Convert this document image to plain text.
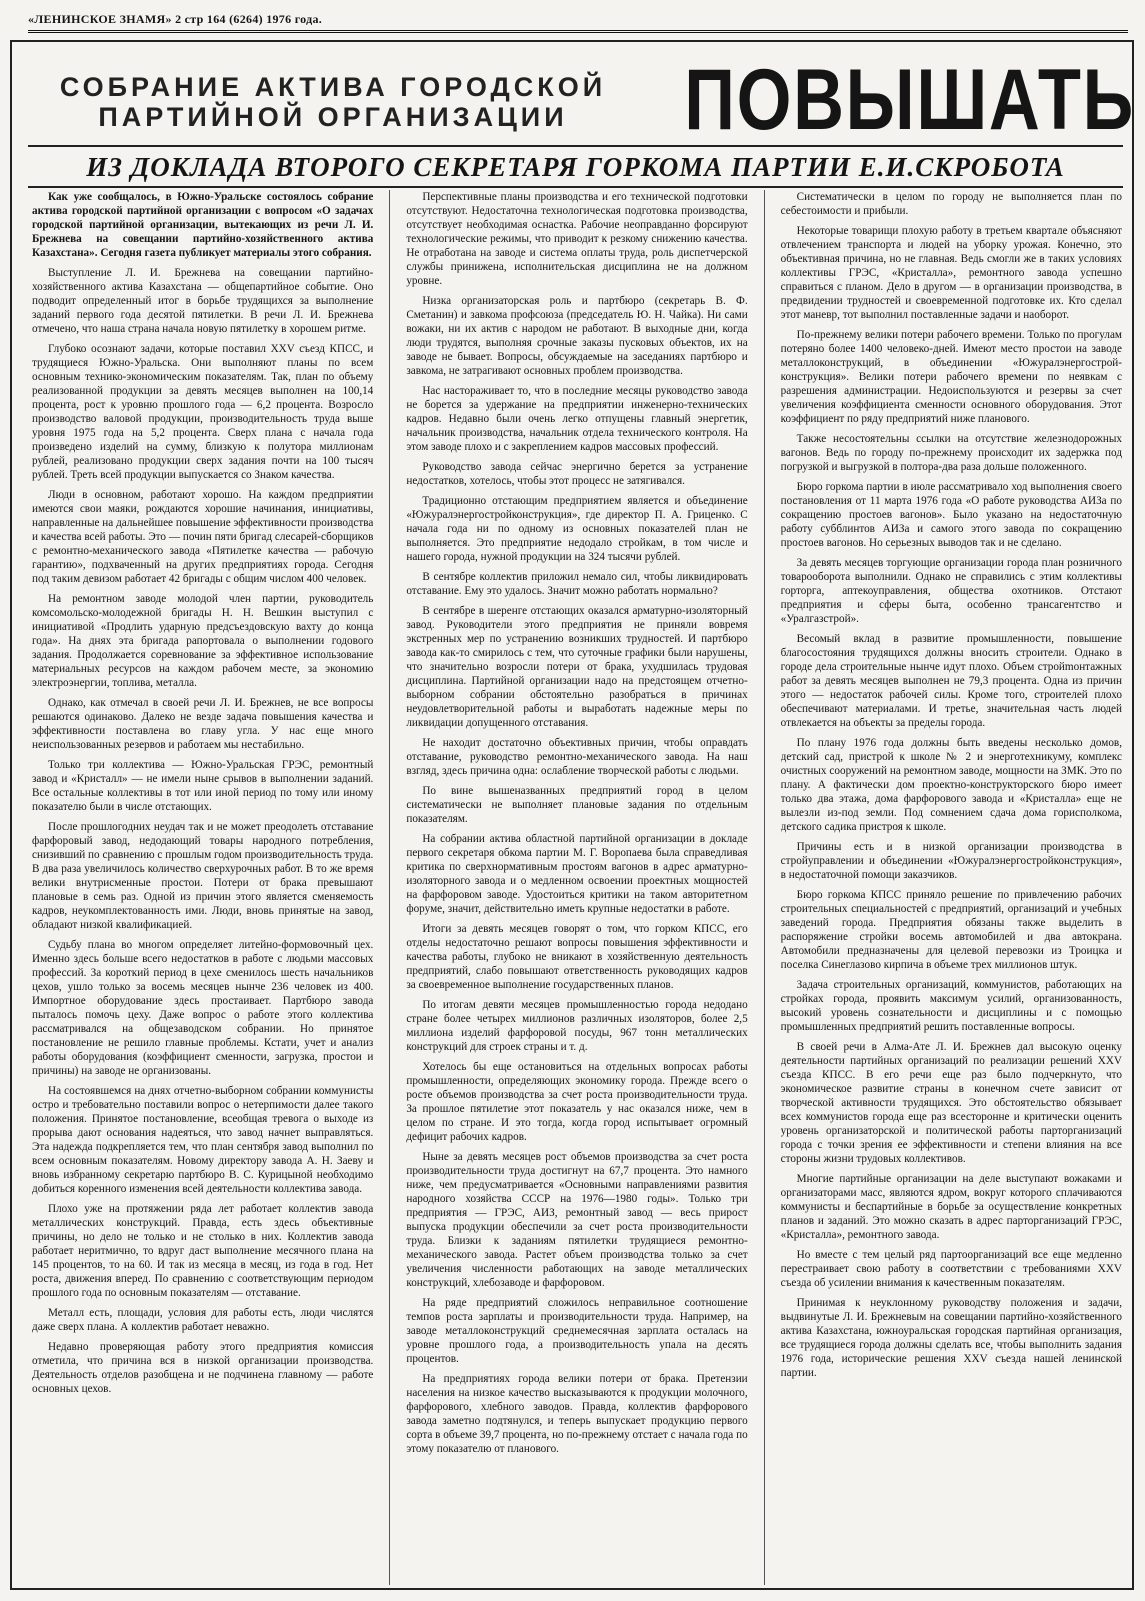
«ЛЕНИНСКОЕ ЗНАМЯ» 2 стр 164 (6264) 1976 года.
СОБРАНИЕ АКТИВА ГОРОДСКОЙ
ПАРТИЙНОЙ ОРГАНИЗАЦИИ	ПОВЫШАТЬ
ИЗ ДОКЛАДА ВТОРОГО СЕКРЕТАРЯ ГОРКОМА ПАРТИИ Е.И.СКРОБОТА

Как уже сообщалось, в Южно-Уральске состоялось собрание актива городской партийной организации с вопросом «О задачах городской партийной организации, вытекающих из речи Л. И. Брежнева на совещании партийно-хозяйственного актива Казахстана». Сегодня газета публикует материалы этого собрания.

Выступление Л. И. Брежнева на совещании партийно-хозяйственного актива Казахстана — общепартийное событие. Оно подводит определенный итог в борьбе трудящихся за выполнение заданий первого года десятой пятилетки. В речи Л. И. Брежнева отмечено, что наша страна начала новую пятилетку в хорошем ритме.

Глубоко осознают задачи, которые поставил XXV съезд КПСС, и трудящиеся Южно-Уральска. Они выполняют планы по всем основным технико-экономическим показателям. Так, план по объему реализованной продукции за девять месяцев выполнен на 100,14 процента, рост к уровню прошлого года — 6,2 процента. Возросло производство валовой продукции, производительность труда выше уровня 1975 года на 5,2 процента. Сверх плана с начала года произведено изделий на сумму, близкую к полутора миллионам рублей, реализовано продукции сверх задания почти на 100 тысяч рублей. Треть всей продукции выпускается со Знаком качества.

Люди в основном, работают хорошо. На каждом предприятии имеются свои маяки, рождаются хорошие начинания, инициативы, направленные на дальнейшее повышение эффективности производства и качества всей работы. Это — почин пяти бригад слесарей-сборщиков с ремонтно-механического завода «Пятилетке качества — рабочую гарантию», подхваченный на других предприятиях города. Сегодня под таким девизом работает 42 бригады с общим числом 400 человек.

На ремонтном заводе молодой член партии, руководитель комсомольско-молодежной бригады Н. Н. Вешкин выступил с инициативой «Продлить ударную предсъездовскую вахту до конца года». На днях эта бригада рапортовала о выполнении годового задания. Продолжается соревнование за эффективное использование материальных ресурсов на каждом рабочем месте, за экономию электроэнергии, топлива, металла.

Однако, как отмечал в своей речи Л. И. Брежнев, не все вопросы решаются одинаково. Далеко не везде задача повышения качества и эффективности поставлена во главу угла. У нас еще много неиспользованных резервов и работаем мы нестабильно.

Только три коллектива — Южно-Уральская ГРЭС, ремонтный завод и «Кристалл» — не имели ныне срывов в выполнении заданий. Все остальные коллективы в тот или иной период по тому или иному показателю были в числе отстающих.

После прошлогодних неудач так и не может преодолеть отставание фарфоровый завод, недодающий товары народного потребления, снизивший по сравнению с прошлым годом производительность труда. В два раза увеличилось количество сверхурочных работ. В то же время велики внутрисменные простои. Потери от брака превышают плановые в семь раз. Одной из причин этого является сменяемость кадров, неукомплектованность ими. Люди, вновь принятые на завод, обладают низкой квалификацией.

Судьбу плана во многом определяет литейно-формовочный цех. Именно здесь больше всего недостатков в работе с людьми массовых профессий. За короткий период в цехе сменилось шесть начальников цехов, ушло только за восемь месяцев нынче 236 человек из 400. Импортное оборудование здесь простаивает. Партбюро завода пыталось помочь цеху. Даже вопрос о работе этого коллектива рассматривался на общезаводском собрании. Но принятое постановление не решило главные проблемы. Кстати, учет и анализ работы оборудования (коэффициент сменности, загрузка, простои и причины) на заводе не организованы.

На состоявшемся на днях отчетно-выборном собрании коммунисты остро и требовательно поставили вопрос о нетерпимости далее такого положения. Принятое постановление, всеобщая тревога о выходе из прорыва дают основания надеяться, что завод начнет выправляться. Эта надежда подкрепляется тем, что план сентября завод выполнил по всем основным показателям. Новому директору завода А. Н. Заеву и вновь избранному секретарю партбюро В. С. Курицыной необходимо добиться коренного изменения всей деятельности коллектива завода.

Плохо уже на протяжении ряда лет работает коллектив завода металлических конструкций. Правда, есть здесь объективные причины, но дело не только и не столько в них. Коллектив завода работает неритмично, то вдруг даст выполнение месячного плана на 145 процентов, то на 60. И так из месяца в месяц, из года в год. Нет роста, движения вперед. По сравнению с соответствующим периодом прошлого года по основным показателям — отставание.

Металл есть, площади, условия для работы есть, люди числятся даже сверх плана. А коллектив работает неважно.

Недавно проверяющая работу этого предприятия комиссия отметила, что причина вся в низкой организации производства. Деятельность отделов разобщена и не подчинена главному — работе основных цехов.

Перспективные планы производства и его технической подготовки отсутствуют. Недостаточна технологическая подготовка производства, отсутствует необходимая оснастка. Рабочие неоправданно форсируют технологические режимы, что приводит к резкому снижению качества. Не отработана на заводе и система оплаты труда, роль диспетчерской службы принижена, исполнительская дисциплина не на должном уровне.

Низка организаторская роль и партбюро (секретарь В. Ф. Сметанин) и завкома профсоюза (председатель Ю. Н. Чайка). Ни сами вожаки, ни их актив с народом не работают. В выходные дни, когда люди трудятся, выполняя срочные заказы пусковых объектов, их на заводе не бывает. Вопросы, обсуждаемые на заседаниях партбюро и завкома, не затрагивают основных проблем производства.

Нас настораживает то, что в последние месяцы руководство завода не борется за удержание на предприятии инженерно-технических кадров. Недавно были очень легко отпущены главный энергетик, начальник производства, начальник отдела технического контроля. На этом заводе плохо и с закреплением кадров массовых профессий.

Руководство завода сейчас энергично берется за устранение недостатков, хотелось, чтобы этот процесс не затягивался.

Традиционно отстающим предприятием является и объединение «Южуралэнергостройконструкция», где директор П. А. Гриценко. С начала года ни по одному из основных показателей план не выполняется. Это предприятие недодало стройкам, в том числе и нашего города, нужной продукции на 324 тысячи рублей.

В сентябре коллектив приложил немало сил, чтобы ликвидировать отставание. Ему это удалось. Значит можно работать нормально?

В сентябре в шеренге отстающих оказался арматурно-изоляторный завод. Руководители этого предприятия не приняли вовремя экстренных мер по устранению возникших трудностей. И партбюро завода как-то смирилось с тем, что суточные графики были нарушены, что значительно возросли потери от брака, ухудшилась трудовая дисциплина. Партийной организации надо на предстоящем отчетно-выборном собрании обстоятельно разобраться в причинах неудовлетворительной работы и выработать надежные меры по ликвидации допущенного отставания.

Не находит достаточно объективных причин, чтобы оправдать отставание, руководство ремонтно-механического завода. На наш взгляд, здесь причина одна: ослабление творческой работы с людьми.

По вине вышеназванных предприятий город в целом систематически не выполняет плановые задания по отдельным показателям.

На собрании актива областной партийной организации в докладе первого секретаря обкома партии М. Г. Воропаева была справедливая критика по сверхнормативным простоям вагонов в адрес арматурно-изоляторного завода и о медленном освоении проектных мощностей на фарфоровом заводе. Удостоиться критики на таком авторитетном форуме, значит, действительно иметь крупные недостатки в работе.

Итоги за девять месяцев говорят о том, что горком КПСС, его отделы недостаточно решают вопросы повышения эффективности и качества работы, глубоко не вникают в хозяйственную деятельность предприятий, слабо повышают ответственность руководящих кадров за своевременное выполнение государственных планов.

По итогам девяти месяцев промышленностью города недодано стране более четырех миллионов различных изоляторов, более 2,5 миллиона изделий фарфоровой посуды, 967 тонн металлических конструкций для строек страны и т. д.

Хотелось бы еще остановиться на отдельных вопросах работы промышленности, определяющих экономику города. Прежде всего о росте объемов производства за счет роста производительности труда. За прошлое пятилетие этот показатель у нас оказался ниже, чем в целом по стране. И это тогда, когда город испытывает огромный дефицит рабочих кадров.

Ныне за девять месяцев рост объемов производства за счет роста производительности труда достигнут на 67,7 процента. Это намного ниже, чем предусматривается «Основными направлениями развития народного хозяйства СССР на 1976—1980 годы». Только три предприятия — ГРЭС, АИЗ, ремонтный завод — весь прирост выпуска продукции обеспечили за счет роста производительности труда. Близки к заданиям пятилетки трудящиеся ремонтно-механического завода. Растет объем производства только за счет увеличения численности работающих на заводе металлических конструкций, хлебозаводе и фарфоровом.

На ряде предприятий сложилось неправильное соотношение темпов роста зарплаты и производительности труда. Например, на заводе металлоконструкций среднемесячная зарплата осталась на уровне прошлого года, а производительность упала на десять процентов.

На предприятиях города велики потери от брака. Претензии населения на низкое качество высказываются к продукции молочного, фарфорового, хлебного заводов. Правда, коллектив фарфорового завода заметно подтянулся, и теперь выпускает продукцию первого сорта в объеме 39,7 процента, но по-прежнему отстает с начала года по этому показателю от планового.

Систематически в целом по городу не выполняется план по себестоимости и прибыли.

Некоторые товарищи плохую работу в третьем квартале объясняют отвлечением транспорта и людей на уборку урожая. Конечно, это объективная причина, но не главная. Ведь смогли же в таких условиях коллективы ГРЭС, «Кристалла», ремонтного завода успешно справиться с планом. Дело в другом — в организации производства, в предвидении трудностей и своевременной подготовке их. Кто сделал этот маневр, тот выполнил поставленные задачи и наоборот.

По-прежнему велики потери рабочего времени. Только по прогулам потеряно более 1400 человеко-дней. Имеют место простои на заводе металлоконструкций, в объединении «Южуралэнергострой-конструкция». Велики потери рабочего времени по неявкам с разрешения администрации. Недоиспользуются и резервы за счет увеличения коэффициента сменности основного оборудования. Этот коэффициент по ряду предприятий ниже планового.

Также несостоятельны ссылки на отсутствие железнодорожных вагонов. Ведь по городу по-прежнему происходит их задержка под погрузкой и выгрузкой в полтора-два раза дольше положенного.

Бюро горкома партии в июле рассматривало ход выполнения своего постановления от 11 марта 1976 года «О работе руководства АИЗа по сокращению простоев вагонов». Было указано на недостаточную работу субблинтов АИЗа и самого этого завода по сокращению простоев вагонов. Но серьезных выводов так и не сделано.

За девять месяцев торгующие организации города план розничного товарооборота выполнили. Однако не справились с этим коллективы горторга, аптекоуправления, общества охотников. Отстают предприятия и сферы быта, особенно трансагентство и «Уралгазстрой».

Весомый вклад в развитие промышленности, повышение благосостояния трудящихся должны вносить строители. Однако в городе дела строительные нынче идут плохо. Объем стройmонтажных работ за девять месяцев выполнен не 79,3 процента. Одна из причин этого — недостаток рабочей силы. Кроме того, строителей плохо обеспечивают материалами. И третье, значительная часть людей отвлекается на объекты за пределы города.

По плану 1976 года должны быть введены несколько домов, детский сад, пристрой к школе № 2 и энерготехникуму, комплекс очистных сооружений на ремонтном заводе, мощности на ЗМК. Это по плану. А фактически дом проектно-конструкторского бюро имеет только два этажа, дома фарфорового завода и «Кристалла» еще не вылезли из-под земли. Под сомнением сдача дома горисполкома, детского садика пристроя к школе.

Причины есть и в низкой организации производства в стройуправлении и объединении «Южуралэнергостройконструкция», в недостаточной помощи заказчиков.

Бюро горкома КПСС приняло решение по привлечению рабочих строительных специальностей с предприятий, организаций и учебных заведений города. Предприятия обязаны также выделить в распоряжение стройки восемь автомобилей и два автокрана. Автомобили предназначены для целевой перевозки из Троицка и поселка Синеглазово кирпича в объеме трех миллионов штук.

Задача строительных организаций, коммунистов, работающих на стройках города, проявить максимум усилий, организованность, высокий уровень сознательности и дисциплины и с помощью промышленных предприятий решить поставленные вопросы.

В своей речи в Алма-Ате Л. И. Брежнев дал высокую оценку деятельности партийных организаций по реализации решений XXV съезда КПСС. В его речи еще раз было подчеркнуто, что экономическое развитие страны в конечном счете зависит от творческой активности трудящихся. Это обстоятельство обязывает всех коммунистов города еще раз всесторонне и критически оценить уровень организаторской и политической работы парторганизаций города с точки зрения ее эффективности и степени влияния на все стороны жизни трудовых коллективов.

Многие партийные организации на деле выступают вожаками и организаторами масс, являются ядром, вокруг которого сплачиваются коммунисты и беспартийные в борьбе за осуществление конкретных планов и заданий. Это можно сказать в адрес парторганизаций ГРЭС, «Кристалла», ремонтного завода.

Но вместе с тем целый ряд партоорганизаций все еще медленно перестраивает свою работу в соответствии с требованиями XXV съезда об усилении внимания к качественным показателям.

Принимая к неуклонному руководству положения и задачи, выдвинутые Л. И. Брежневым на совещании партийно-хозяйственного актива Казахстана, южноуральская городская партийная организация, все трудящиеся города должны сделать все, чтобы выполнить задания 1976 года, исторические решения XXV съезда нашей ленинской партии.
